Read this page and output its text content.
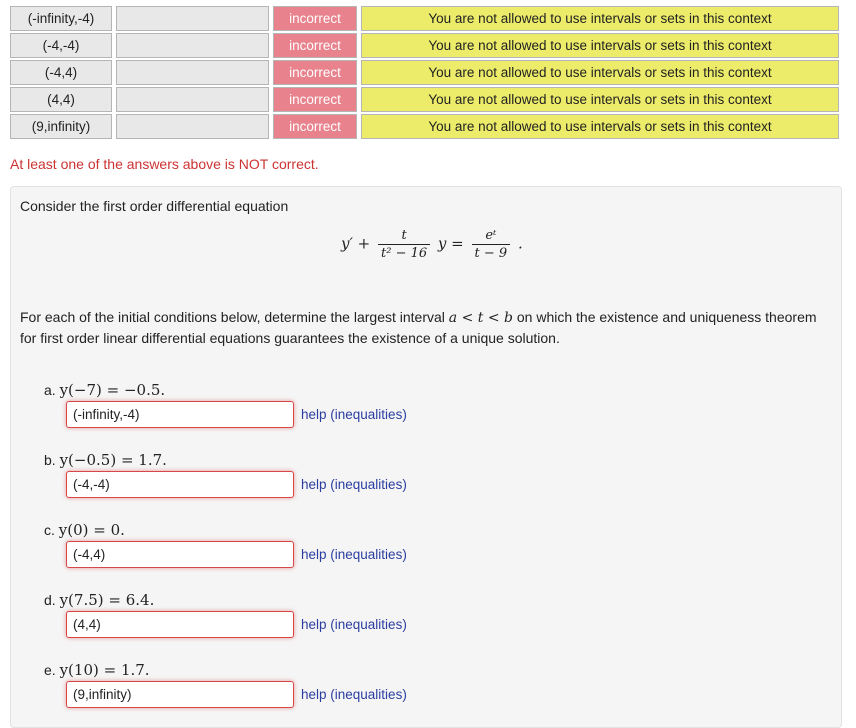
(-infinity,-4)	incorrect	You are not allowed to use intervals or sets in this context
(-4,-4)	incorrect	You are not allowed to use intervals or sets in this context
(-4,4)	incorrect	You are not allowed to use intervals or sets in this context
(4,4)	incorrect	You are not allowed to use intervals or sets in this context
(9,infinity)	incorrect	You are not allowed to use intervals or sets in this context
At least one of the answers above is NOT correct.
Consider the first order differential equation
$y' + \frac{t}{\text{t² − 16}}$ $y = \frac{\text{eᵗ}}{t - 9}$ .
For each of the initial conditions below, determine the largest interval a < t < b on which the existence and uniqueness theorem for first order linear differential equations guarantees the existence of a unique solution.
a. y(−7) = −0.5.
(-infinity,-4)	help (inequalities)
b. y(−0.5) = 1.7.
(-4,-4)	help (inequalities)
c. y(0) = 0.
(-4,4)	help (inequalities)
d. y(7.5) = 6.4.
(4,4)	help (inequalities)
e. y(10) = 1.7.
(9,infinity)	help (inequalities)
